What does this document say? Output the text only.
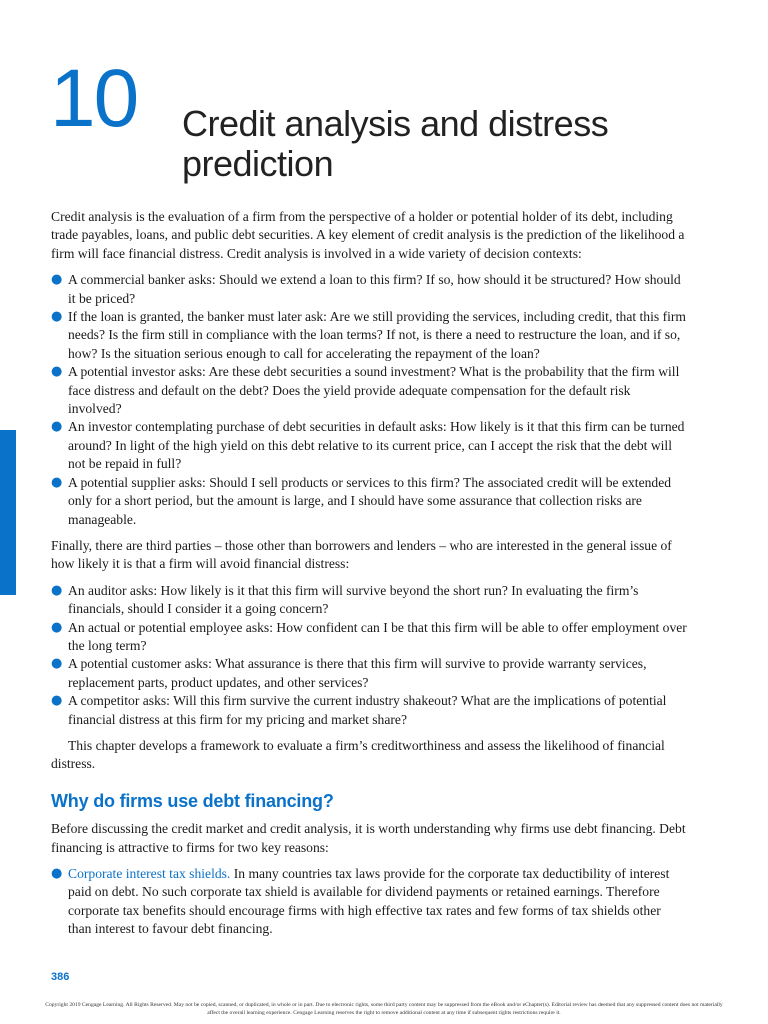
10 Credit analysis and distress prediction

Credit analysis is the evaluation of a firm from the perspective of a holder or potential holder of its debt, including trade payables, loans, and public debt securities. A key element of credit analysis is the prediction of the likelihood a firm will face financial distress. Credit analysis is involved in a wide variety of decision contexts:

● A commercial banker asks: Should we extend a loan to this firm? If so, how should it be structured? How should it be priced?
● If the loan is granted, the banker must later ask: Are we still providing the services, including credit, that this firm needs? Is the firm still in compliance with the loan terms? If not, is there a need to restructure the loan, and if so, how? Is the situation serious enough to call for accelerating the repayment of the loan?
● A potential investor asks: Are these debt securities a sound investment? What is the probability that the firm will face distress and default on the debt? Does the yield provide adequate compensation for the default risk involved?
● An investor contemplating purchase of debt securities in default asks: How likely is it that this firm can be turned around? In light of the high yield on this debt relative to its current price, can I accept the risk that the debt will not be repaid in full?
● A potential supplier asks: Should I sell products or services to this firm? The associated credit will be extended only for a short period, but the amount is large, and I should have some assurance that collection risks are manageable.

Finally, there are third parties – those other than borrowers and lenders – who are interested in the general issue of how likely it is that a firm will avoid financial distress:

● An auditor asks: How likely is it that this firm will survive beyond the short run? In evaluating the firm’s financials, should I consider it a going concern?
● An actual or potential employee asks: How confident can I be that this firm will be able to offer employment over the long term?
● A potential customer asks: What assurance is there that this firm will survive to provide warranty services, replacement parts, product updates, and other services?
● A competitor asks: Will this firm survive the current industry shakeout? What are the implications of potential financial distress at this firm for my pricing and market share?

This chapter develops a framework to evaluate a firm’s creditworthiness and assess the likelihood of financial distress.

Why do firms use debt financing?

Before discussing the credit market and credit analysis, it is worth understanding why firms use debt financing. Debt financing is attractive to firms for two key reasons:

● Corporate interest tax shields. In many countries tax laws provide for the corporate tax deductibility of interest paid on debt. No such corporate tax shield is available for dividend payments or retained earnings. Therefore corporate tax benefits should encourage firms with high effective tax rates and few forms of tax shields other than interest to favour debt financing.
386
Copyright 2019 Cengage Learning. All Rights Reserved. May not be copied, scanned, or duplicated, in whole or in part. Due to electronic rights, some third party content may be suppressed from the eBook and/or eChapter(s). Editorial review has deemed that any suppressed content does not materially affect the overall learning experience. Cengage Learning reserves the right to remove additional content at any time if subsequent rights restrictions require it.
